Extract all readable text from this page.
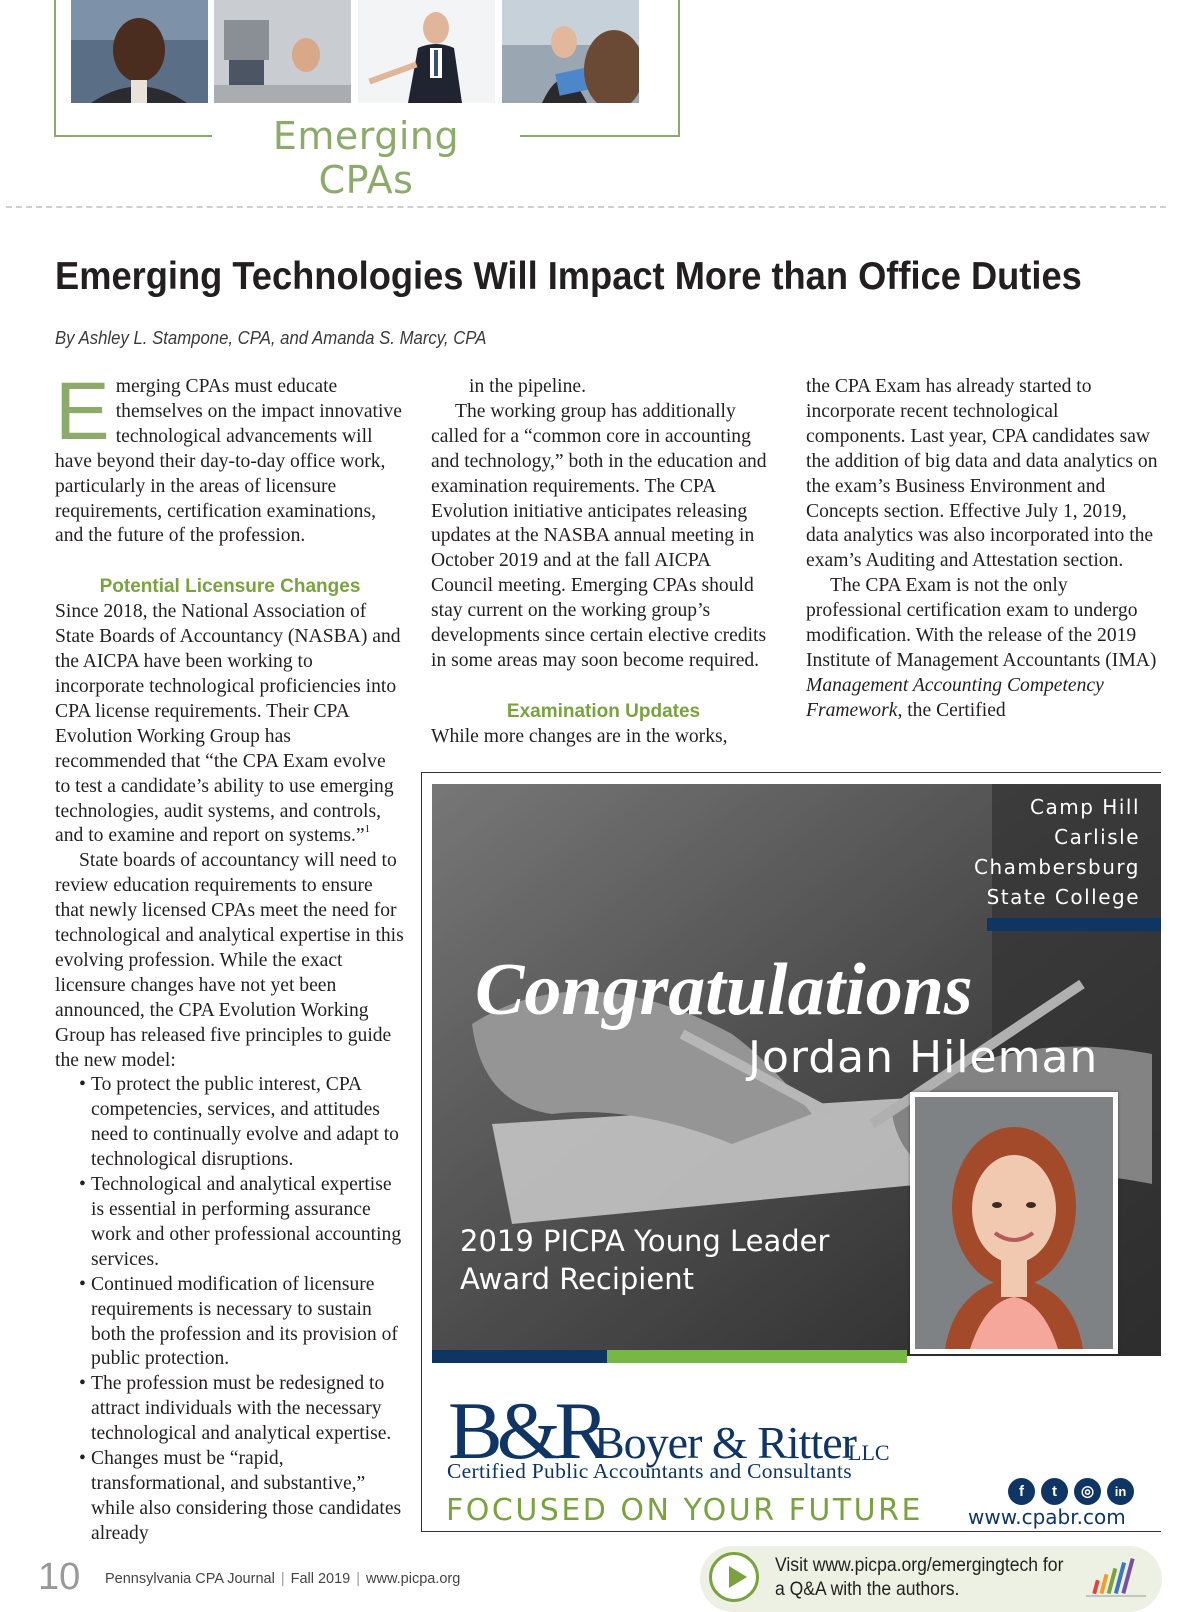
Emerging CPAs
Emerging Technologies Will Impact More than Office Duties
By Ashley L. Stampone, CPA, and Amanda S. Marcy, CPA

Emerging CPAs must educate themselves on the impact innovative technological advancements will have beyond their day-to-day office work, particularly in the areas of licensure requirements, certification examinations, and the future of the profession.

Potential Licensure Changes

Since 2018, the National Association of State Boards of Accountancy (NASBA) and the AICPA have been working to incorporate technological proficiencies into CPA license requirements. Their CPA Evolution Working Group has recommended that “the CPA Exam evolve to test a candidate’s ability to use emerging technologies, audit systems, and controls, and to examine and report on systems.”$^1$

State boards of accountancy will need to review education requirements to ensure that newly licensed CPAs meet the need for technological and analytical expertise in this evolving profession. While the exact licensure changes have not yet been announced, the CPA Evolution Working Group has released five principles to guide the new model:

• To protect the public interest, CPA competencies, services, and attitudes need to continually evolve and adapt to technological disruptions.
• Technological and analytical expertise is essential in performing assurance work and other professional accounting services.
• Continued modification of licensure requirements is necessary to sustain both the profession and its provision of public protection.
• The profession must be redesigned to attract individuals with the necessary technological and analytical expertise.
• Changes must be “rapid, transformational, and substantive,” while also considering those candidates already

in the pipeline.

The working group has additionally called for a “common core in accounting and technology,” both in the education and examination requirements. The CPA Evolution initiative anticipates releasing updates at the NASBA annual meeting in October 2019 and at the fall AICPA Council meeting. Emerging CPAs should stay current on the working group’s developments since certain elective credits in some areas may soon become required.

Examination Updates

While more changes are in the works,

the CPA Exam has already started to incorporate recent technological components. Last year, CPA candidates saw the addition of big data and data analytics on the exam’s Business Environment and Concepts section. Effective July 1, 2019, data analytics was also incorporated into the exam’s Auditing and Attestation section.

The CPA Exam is not the only professional certification exam to undergo modification. With the release of the 2019 Institute of Management Accountants (IMA) Management Accounting Competency Framework, the Certified

Camp Hill
Carlisle
Chambersburg
State College
Congratulations
Jordan Hileman
2019 PICPA Young Leader Award Recipient
B&R
Boyer & Ritter
LLC
Certified Public Accountants and Consultants
FOCUSED ON YOUR FUTURE
f	t	◎	in
www.cpabr.com
10 Pennsylvania CPA Journal | Fall 2019 | www.picpa.org
Visit www.picpa.org/emergingtech for
a Q&A with the authors.
